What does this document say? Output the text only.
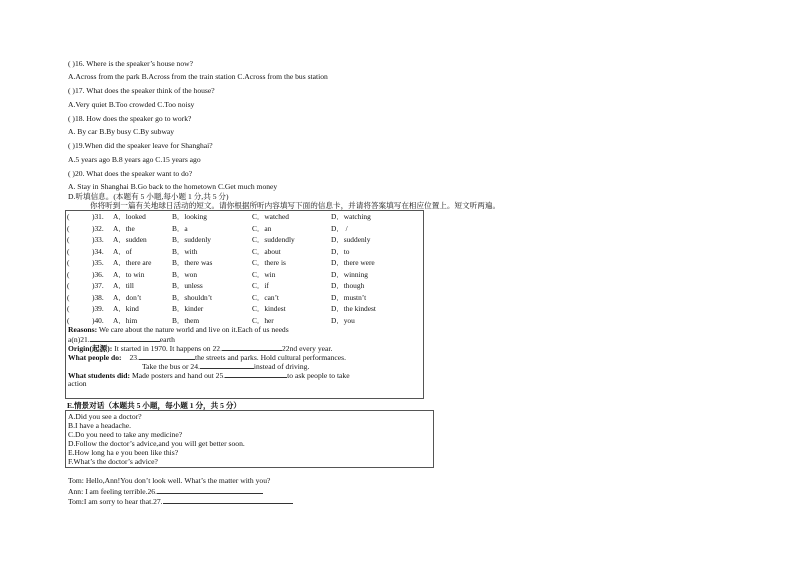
( )16. Where is the speaker’s house now?
A.Across from the park B.Across from the train station C.Across from the bus station
( )17. What does the speaker think of the house?
A.Very quiet B.Too crowded C.Too noisy
( )18. How does the speaker go to work?
A. By car B.By busy C.By subway
( )19.When did the speaker leave for Shanghai?
A.5 years ago B.8 years ago C.15 years ago
( )20. What does the speaker want to do?
A. Stay in Shanghai B.Go back to the hometown C.Get much money
D.听填信息。(本题有 5 小题,每小题 1 分,共 5 分)
你将听到一篇有关地球日活动的短文。请你根据所听内容填写下面的信息卡，并请将答案填写在相应位置上。短文听两遍。
(	)31. A．looked	B．looking	C．watched	D．watching
(	)32. A．the	B．a	C．an	D． /
(	)33. A．sudden	B．suddenly	C．suddendly	D．suddenly
(	)34. A．of	B．with	C．about	D．to
(	)35. A．there are	B．there was	C．there is	D．there were
(	)36. A．to win	B．won	C．win	D．winning
(	)37. A．till	B．unless	C．if	D．though
(	)38. A．don’t	B．shouldn’t	C．can’t	D．mustn’t
(	)39. A．kind	B．kinder	C．kindest	D．the kindest
(	)40. A．him	B．them	C．her	D．you
Reasons: We care about the nature world and live on it.Each of us needs
a(n)21.	earth
Origin(起源): It started in 1970. It happens on 22.	22nd every year.
What people do: 23.	the streets and parks. Hold cultural performances.
Take the bus or 24.	instead of driving.
What students did: Made posters and hand out 25.	to ask people to take
action
E.情景对话（本题共 5 小题，每小题 1 分，共 5 分）
A.Did you see a doctor?
B.I have a headache.
C.Do you need to take any medicine?
D.Follow the doctor’s advice,and you will get better soon.
E.How long ha e you been like this?
F.What’s the doctor’s advice?
Tom: Hello,Ann!You don’t look well. What’s the matter with you?
Ann: I am feeling terrible.26.
Tom:I am sorry to hear that.27.
